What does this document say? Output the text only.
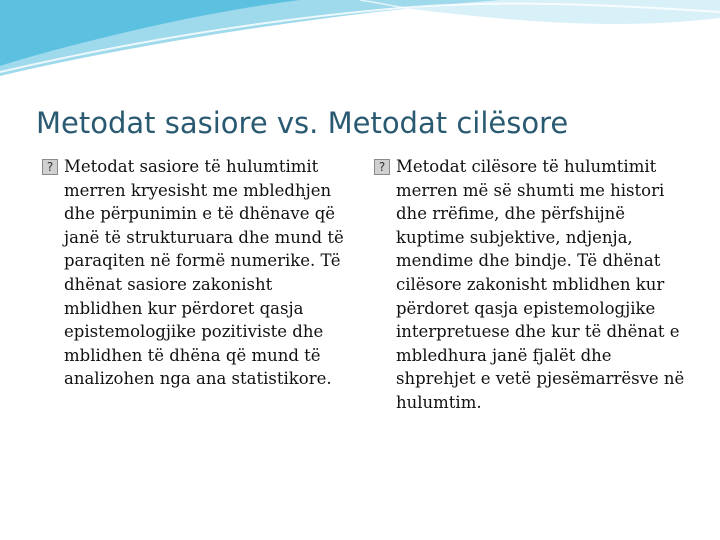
Metodat sasiore vs. Metodat cilësore
? Metodat sasiore të hulumtimit merren kryesisht me mbledhjen dhe përpunimin e të dhënave që janë të strukturuara dhe mund të paraqiten në formë numerike. Të dhënat sasiore zakonisht mblidhen kur përdoret qasja epistemologjike pozitiviste dhe mblidhen të dhëna që mund të analizohen nga ana statistikore.
? Metodat cilësore të hulumtimit merren më së shumti me histori dhe rrëfime, dhe përfshijnë kuptime subjektive, ndjenja, mendime dhe bindje. Të dhënat cilësore zakonisht mblidhen kur përdoret qasja epistemologjike interpretuese dhe kur të dhënat e mbledhura janë fjalët dhe shprehjet e vetë pjesëmarrësve në hulumtim.
